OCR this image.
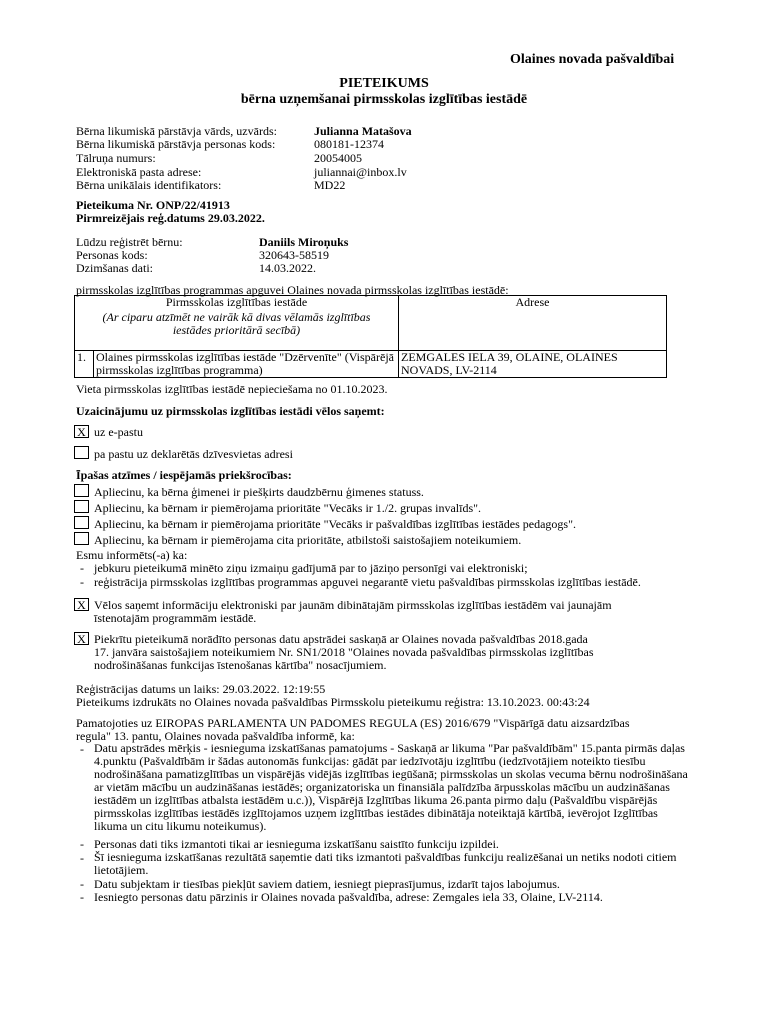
Olaines novada pašvaldībai
PIETEIKUMS
bērna uzņemšanai pirmsskolas izglītības iestādē
Bērna likumiskā pārstāvja vārds, uzvārds:	Julianna Matašova
Bērna likumiskā pārstāvja personas kods:	080181-12374
Tālruņa numurs:	20054005
Elektroniskā pasta adrese:	juliannai@inbox.lv
Bērna unikālais identifikators:	MD22
Pieteikuma Nr. ONP/22/41913
Pirmreizējais reģ.datums 29.03.2022.
Lūdzu reģistrēt bērnu:	Daniils Miroņuks
Personas kods:	320643-58519
Dzimšanas dati:	14.03.2022.
pirmsskolas izglītības programmas apguvei Olaines novada pirmsskolas izglītības iestādē:
Pirmsskolas izglītības iestāde
(Ar ciparu atzīmēt ne vairāk kā divas vēlamās izglītības iestādes prioritārā secībā)		Adrese
1.	Olaines pirmsskolas izglītības iestāde "Dzērvenīte" (Vispārējā pirmsskolas izglītības programma)	ZEMGALES IELA 39, OLAINE, OLAINES NOVADS, LV-2114
Vieta pirmsskolas izglītības iestādē nepieciešama no 01.10.2023.
Uzaicinājumu uz pirmsskolas izglītības iestādi vēlos saņemt:
X uz e-pastu
pa pastu uz deklarētās dzīvesvietas adresi
Īpašas atzīmes / iespējamās priekšrocības:
Apliecinu, ka bērna ģimenei ir piešķirts daudzbērnu ģimenes statuss.
Apliecinu, ka bērnam ir piemērojama prioritāte "Vecāks ir 1./2. grupas invalīds".
Apliecinu, ka bērnam ir piemērojama prioritāte "Vecāks ir pašvaldības izglītības iestādes pedagogs".
Apliecinu, ka bērnam ir piemērojama cita prioritāte, atbilstoši saistošajiem noteikumiem.
Esmu informēts(-a) ka:
- jebkuru pieteikumā minēto ziņu izmaiņu gadījumā par to jāziņo personīgi vai elektroniski;
- reģistrācija pirmsskolas izglītības programmas apguvei negarantē vietu pašvaldības pirmsskolas izglītības iestādē.
X Vēlos saņemt informāciju elektroniski par jaunām dibinātajām pirmsskolas izglītības iestādēm vai jaunajām
īstenotajām programmām iestādē.
X Piekrītu pieteikumā norādīto personas datu apstrādei saskaņā ar Olaines novada pašvaldības 2018.gada
17. janvāra saistošajiem noteikumiem Nr. SN1/2018 "Olaines novada pašvaldības pirmsskolas izglītības
nodrošināšanas funkcijas īstenošanas kārtība" nosacījumiem.
Reģistrācijas datums un laiks: 29.03.2022. 12:19:55
Pieteikums izdrukāts no Olaines novada pašvaldības Pirmsskolu pieteikumu reģistra: 13.10.2023. 00:43:24
Pamatojoties uz EIROPAS PARLAMENTA UN PADOMES REGULA (ES) 2016/679 "Vispārīgā datu aizsardzības
regula" 13. pantu, Olaines novada pašvaldība informē, ka:
- Datu apstrādes mērķis - iesnieguma izskatīšanas pamatojums - Saskaņā ar likuma "Par pašvaldībām" 15.panta pirmās daļas 4.punktu (Pašvaldībām ir šādas autonomās funkcijas: gādāt par iedzīvotāju izglītību (iedzīvotājiem noteikto tiesību nodrošināšana pamatizglītības un vispārējās vidējās izglītības iegūšanā; pirmsskolas un skolas vecuma bērnu nodrošināšana ar vietām mācību un audzināšanas iestādēs; organizatoriska un finansiāla palīdzība ārpusskolas mācību un audzināšanas iestādēm un izglītības atbalsta iestādēm u.c.)), Vispārējā Izglītības likuma 26.panta pirmo daļu (Pašvaldību vispārējās pirmsskolas izglītības iestādēs izglītojamos uzņem izglītības iestādes dibinātāja noteiktajā kārtībā, ievērojot Izglītības likuma un citu likumu noteikumus).
- Personas dati tiks izmantoti tikai ar iesnieguma izskatīšanu saistīto funkciju izpildei.
- Šī iesnieguma izskatīšanas rezultātā saņemtie dati tiks izmantoti pašvaldības funkciju realizēšanai un netiks nodoti citiem lietotājiem.
- Datu subjektam ir tiesības piekļūt saviem datiem, iesniegt pieprasījumus, izdarīt tajos labojumus.
- Iesniegto personas datu pārzinis ir Olaines novada pašvaldība, adrese: Zemgales iela 33, Olaine, LV-2114.
